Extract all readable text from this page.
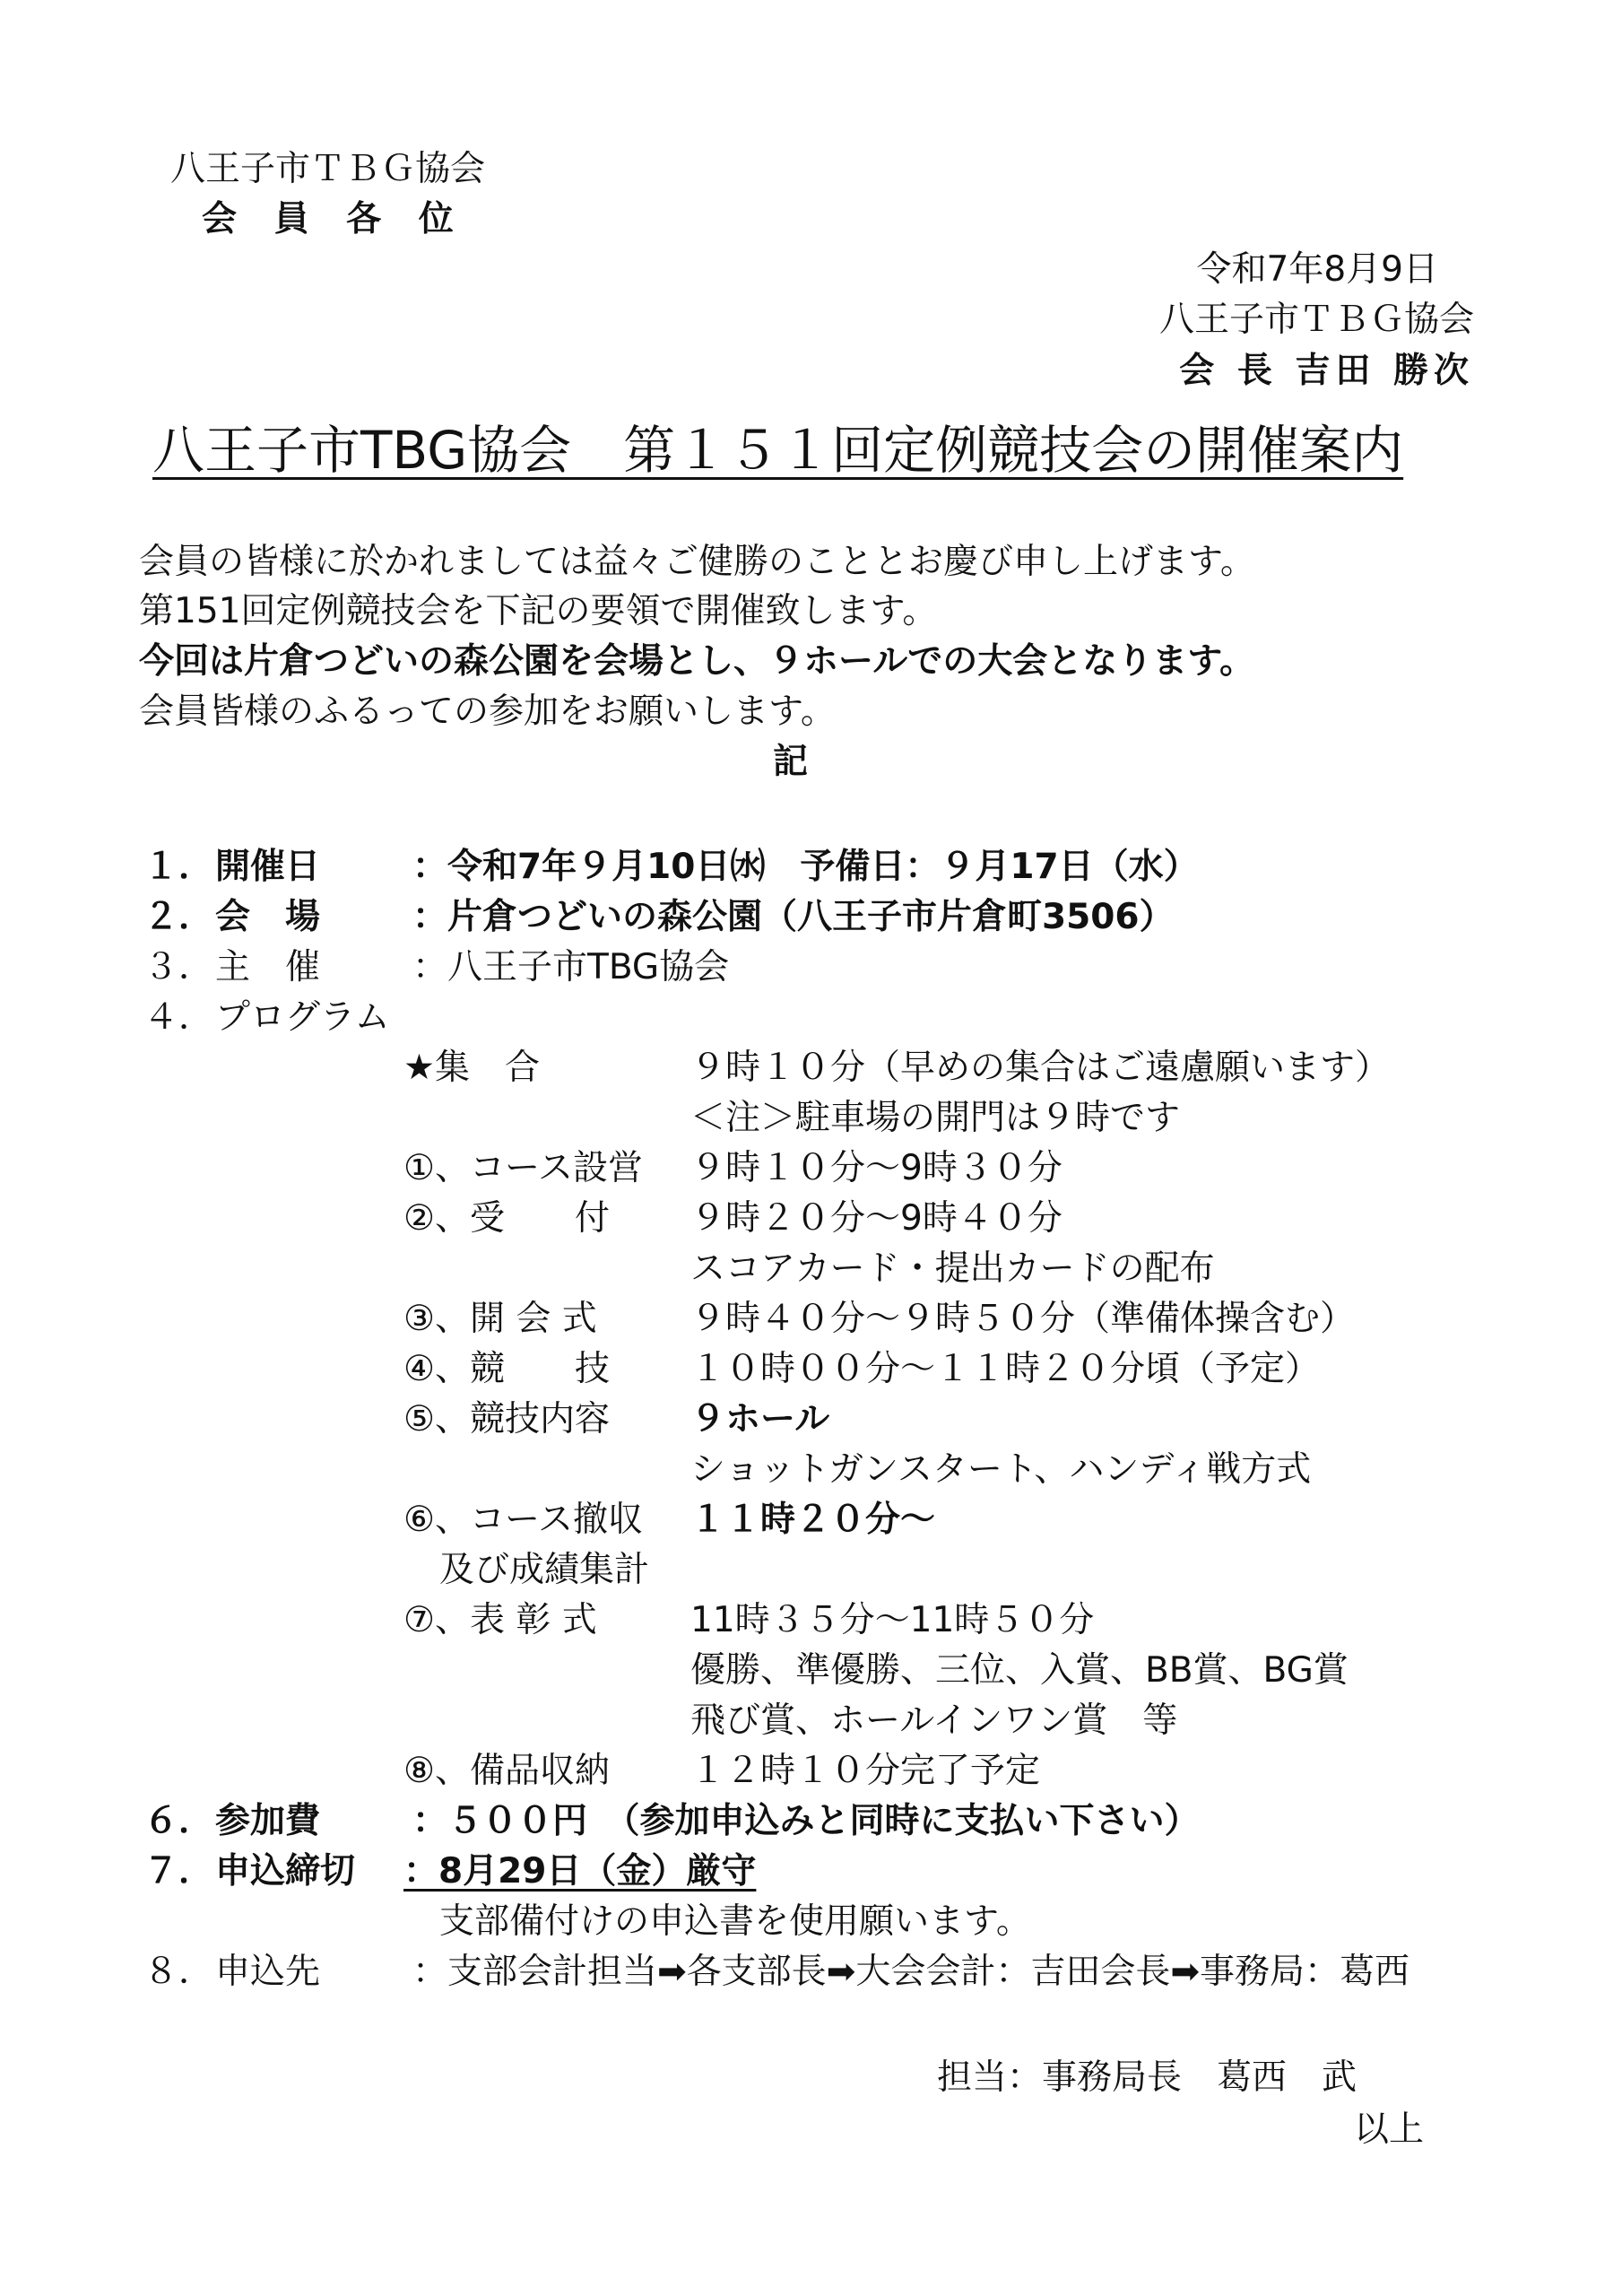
八王子市ＴＢＧ協会
会 員 各 位
令和7年8月9日
八王子市ＴＢＧ協会
会 長 吉田 勝次
八王子市TBG協会　第１５１回定例競技会の開催案内
会員の皆様に於かれましては益々ご健勝のこととお慶び申し上げます。
第151回定例競技会を下記の要領で開催致します。
今回は片倉つどいの森公園を会場とし、９ホールでの大会となります。
会員皆様のふるっての参加をお願いします。
記
１． 開催日	：令和7年９月10日㈬　予備日：９月17日（水）
２． 会　場	：片倉つどいの森公園（八王子市片倉町3506）
３． 主　催	：八王子市TBG協会
４． プログラム
★集　合	９時１０分（早めの集合はご遠慮願います）
＜注＞駐車場の開門は９時です
①、コース設営 ９時１０分～9時３０分
②、受　　付 ９時２０分～9時４０分
スコアカード・提出カードの配布
③、開 会 式	９時４０分～９時５０分（準備体操含む）
④、競　　技 １０時００分～１１時２０分頃（予定）
⑤、競技内容 ９ホール
ショットガンスタート、ハンディ戦方式
⑥、コース撤収 １１時２０分～
及び成績集計
⑦、表 彰 式	11時３５分～11時５０分
優勝、準優勝、三位、入賞、BB賞、BG賞
飛び賞、ホールインワン賞　等
⑧、備品収納 １２時１０分完了予定
６． 参加費	：５００円　（参加申込みと同時に支払い下さい）
７． 申込締切 ：8月29日（金）厳守
支部備付けの申込書を使用願います。
８． 申込先	：支部会計担当➡各支部長➡大会会計：吉田会長➡事務局：葛西
担当：事務局長　葛西　武
以上
